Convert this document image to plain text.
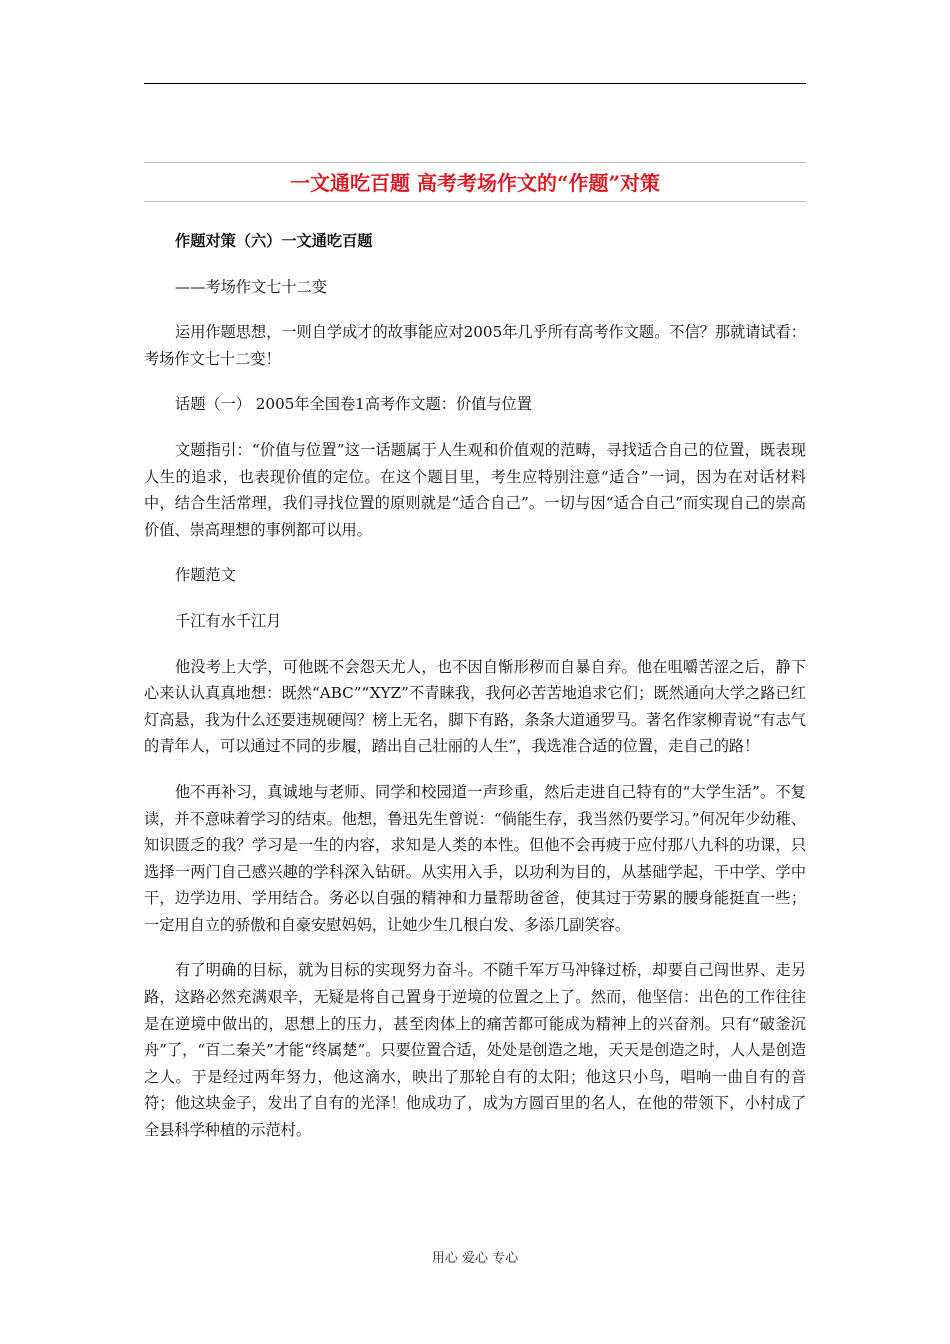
一文通吃百题 高考考场作文的“作题”对策

作题对策（六）一文通吃百题

——考场作文七十二变

运用作题思想，一则自学成才的故事能应对2005年几乎所有高考作文题。不信？那就请试看：考场作文七十二变！

话题（一） 2005年全国卷1高考作文题：价值与位置

文题指引：“价值与位置”这一话题属于人生观和价值观的范畴，寻找适合自己的位置，既表现人生的追求，也表现价值的定位。在这个题目里，考生应特别注意“适合”一词，因为在对话材料中，结合生活常理，我们寻找位置的原则就是“适合自己”。一切与因“适合自己”而实现自己的崇高价值、崇高理想的事例都可以用。

作题范文

千江有水千江月

他没考上大学，可他既不会怨天尤人，也不因自惭形秽而自暴自弃。他在咀嚼苦涩之后，静下心来认认真真地想：既然“ABC”“XYZ”不青睐我，我何必苦苦地追求它们；既然通向大学之路已红灯高悬，我为什么还要违规硬闯？榜上无名，脚下有路，条条大道通罗马。著名作家柳青说“有志气的青年人，可以通过不同的步履，踏出自己壮丽的人生”，我选准合适的位置，走自己的路！

他不再补习，真诚地与老师、同学和校园道一声珍重，然后走进自己特有的“大学生活”。不复读，并不意味着学习的结束。他想，鲁迅先生曾说：“倘能生存，我当然仍要学习。”何况年少幼稚、知识匮乏的我？学习是一生的内容，求知是人类的本性。但他不会再疲于应付那八九科的功课，只选择一两门自己感兴趣的学科深入钻研。从实用入手，以功利为目的，从基础学起，干中学、学中干，边学边用、学用结合。务必以自强的精神和力量帮助爸爸，使其过于劳累的腰身能挺直一些；一定用自立的骄傲和自豪安慰妈妈，让她少生几根白发、多添几副笑容。

有了明确的目标，就为目标的实现努力奋斗。不随千军万马冲锋过桥，却要自己闯世界、走另路，这路必然充满艰辛，无疑是将自己置身于逆境的位置之上了。然而，他坚信：出色的工作往往是在逆境中做出的，思想上的压力，甚至肉体上的痛苦都可能成为精神上的兴奋剂。只有“破釜沉舟”了，“百二秦关”才能“终属楚”。只要位置合适，处处是创造之地，天天是创造之时，人人是创造之人。于是经过两年努力，他这滴水，映出了那轮自有的太阳；他这只小鸟，唱响一曲自有的音符；他这块金子，发出了自有的光泽！他成功了，成为方圆百里的名人，在他的带领下，小村成了全县科学种植的示范村。

用心 爱心 专心
